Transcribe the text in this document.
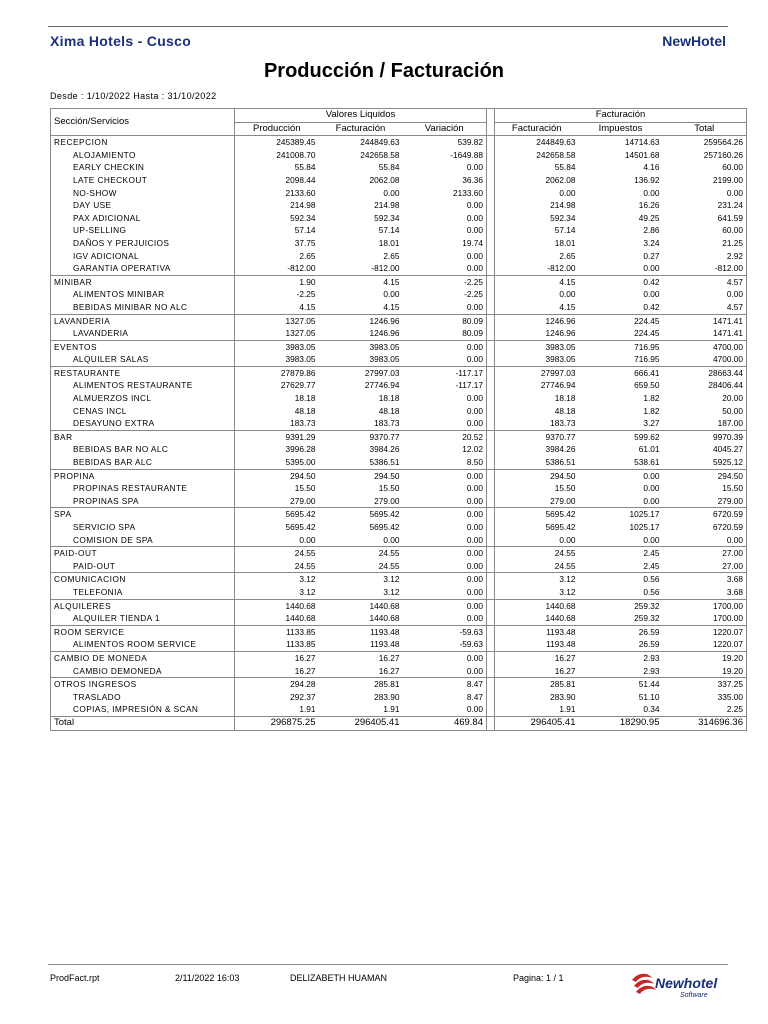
Xima Hotels - Cusco	NewHotel
Producción / Facturación
Desde : 1/10/2022 Hasta : 31/10/2022
Sección/Servicios	Valores Liquidos				Facturación		
	Producción	Facturación	Variación		Facturación	Impuestos	Total
RECEPCION	245389.45	244849.63	539.82		244849.63	14714.63	259564.26
ALOJAMIENTO	241008.70	242658.58	-1649.88		242658.58	14501.68	257160.26
EARLY CHECKIN	55.84	55.84	0.00		55.84	4.16	60.00
LATE CHECKOUT	2098.44	2062.08	36.36		2062.08	136.92	2199.00
NO-SHOW	2133.60	0.00	2133.60		0.00	0.00	0.00
DAY USE	214.98	214.98	0.00		214.98	16.26	231.24
PAX ADICIONAL	592.34	592.34	0.00		592.34	49.25	641.59
UP-SELLING	57.14	57.14	0.00		57.14	2.86	60.00
DAÑOS Y PERJUICIOS	37.75	18.01	19.74		18.01	3.24	21.25
IGV ADICIONAL	2.65	2.65	0.00		2.65	0.27	2.92
GARANTIA OPERATIVA	-812.00	-812.00	0.00		-812.00	0.00	-812.00
MINIBAR	1.90	4.15	-2.25		4.15	0.42	4.57
ALIMENTOS MINIBAR	-2.25	0.00	-2.25		0.00	0.00	0.00
BEBIDAS MINIBAR NO ALC	4.15	4.15	0.00		4.15	0.42	4.57
LAVANDERIA	1327.05	1246.96	80.09		1246.96	224.45	1471.41
LAVANDERIA	1327.05	1246.96	80.09		1246.96	224.45	1471.41
EVENTOS	3983.05	3983.05	0.00		3983.05	716.95	4700.00
ALQUILER SALAS	3983.05	3983.05	0.00		3983.05	716.95	4700.00
RESTAURANTE	27879.86	27997.03	-117.17		27997.03	666.41	28663.44
ALIMENTOS RESTAURANTE	27629.77	27746.94	-117.17		27746.94	659.50	28406.44
ALMUERZOS INCL	18.18	18.18	0.00		18.18	1.82	20.00
CENAS INCL	48.18	48.18	0.00		48.18	1.82	50.00
DESAYUNO EXTRA	183.73	183.73	0.00		183.73	3.27	187.00
BAR	9391.29	9370.77	20.52		9370.77	599.62	9970.39
BEBIDAS BAR NO ALC	3996.28	3984.26	12.02		3984.26	61.01	4045.27
BEBIDAS BAR ALC	5395.00	5386.51	8.50		5386.51	538.61	5925.12
PROPINA	294.50	294.50	0.00		294.50	0.00	294.50
PROPINAS RESTAURANTE	15.50	15.50	0.00		15.50	0.00	15.50
PROPINAS SPA	279.00	279.00	0.00		279.00	0.00	279.00
SPA	5695.42	5695.42	0.00		5695.42	1025.17	6720.59
SERVICIO SPA	5695.42	5695.42	0.00		5695.42	1025.17	6720.59
COMISION DE SPA	0.00	0.00	0.00		0.00	0.00	0.00
PAID-OUT	24.55	24.55	0.00		24.55	2.45	27.00
PAID-OUT	24.55	24.55	0.00		24.55	2.45	27.00
COMUNICACION	3.12	3.12	0.00		3.12	0.56	3.68
TELEFONIA	3.12	3.12	0.00		3.12	0.56	3.68
ALQUILERES	1440.68	1440.68	0.00		1440.68	259.32	1700.00
ALQUILER TIENDA 1	1440.68	1440.68	0.00		1440.68	259.32	1700.00
ROOM SERVICE	1133.85	1193.48	-59.63		1193.48	26.59	1220.07
ALIMENTOS ROOM SERVICE	1133.85	1193.48	-59.63		1193.48	26.59	1220.07
CAMBIO DE MONEDA	16.27	16.27	0.00		16.27	2.93	19.20
CAMBIO DEMONEDA	16.27	16.27	0.00		16.27	2.93	19.20
OTROS INGRESOS	294.28	285.81	8.47		285.81	51.44	337.25
TRASLADO	292.37	283.90	8.47		283.90	51.10	335.00
COPIAS, IMPRESIÓN & SCAN	1.91	1.91	0.00		1.91	0.34	2.25
Total	296875.25	296405.41	469.84		296405.41	18290.95	314696.36
ProdFact.rpt	2/11/2022 16:03	DELIZABETH HUAMAN	Pagina: 1 / 1	Newhotel
Software
